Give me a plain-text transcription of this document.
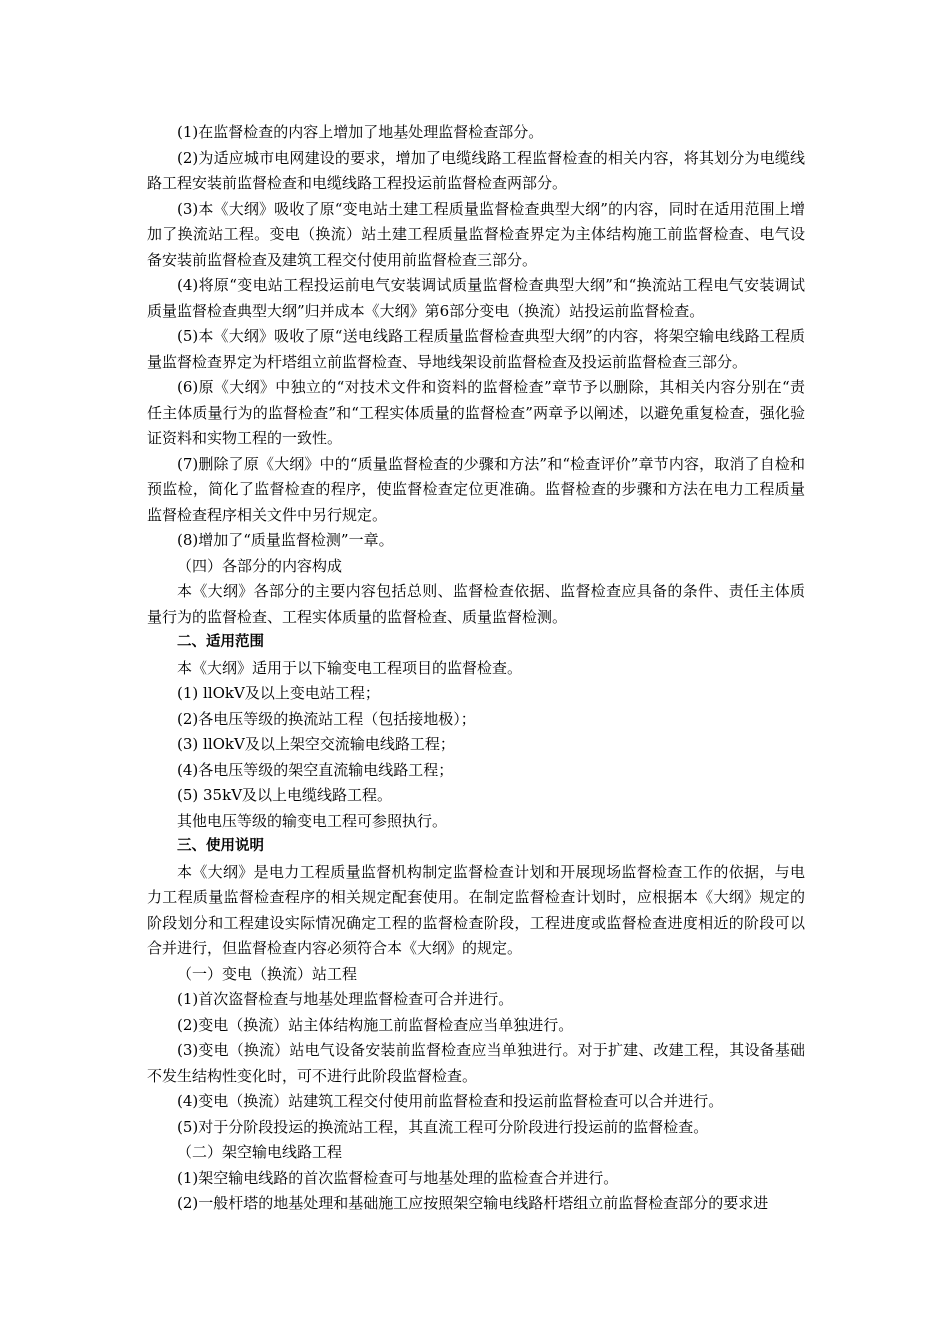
(1)在监督检查的内容上增加了地基处理监督检查部分。

(2)为适应城市电网建设的要求，增加了电缆线路工程监督检查的相关内容，将其划分为电缆线路工程安装前监督检查和电缆线路工程投运前监督检查两部分。

(3)本《大纲》吸收了原“变电站土建工程质量监督检查典型大纲”的内容，同时在适用范围上增加了换流站工程。变电（换流）站土建工程质量监督检查界定为主体结构施工前监督检查、电气设备安装前监督检查及建筑工程交付使用前监督检查三部分。

(4)将原“变电站工程投运前电气安装调试质量监督检查典型大纲”和“换流站工程电气安装调试质量监督检查典型大纲”归并成本《大纲》第6部分变电（换流）站投运前监督检查。

(5)本《大纲》吸收了原“送电线路工程质量监督检查典型大纲”的内容，将架空输电线路工程质量监督检查界定为杆塔组立前监督检查、导地线架设前监督检查及投运前监督检查三部分。

(6)原《大纲》中独立的“对技术文件和资料的监督检查”章节予以删除，其相关内容分别在“责任主体质量行为的监督检查”和“工程实体质量的监督检查”两章予以阐述，以避免重复检查，强化验证资料和实物工程的一致性。

(7)删除了原《大纲》中的“质量监督检查的少骤和方法”和“检查评价”章节内容，取消了自检和预监检，简化了监督检查的程序，使监督检查定位更准确。监督检查的步骤和方法在电力工程质量监督检查程序相关文件中另行规定。

(8)增加了“质量监督检测”一章。

（四）各部分的内容构成

本《大纲》各部分的主要内容包括总则、监督检查依据、监督检查应具备的条件、责任主体质量行为的监督检查、工程实体质量的监督检查、质量监督检测。

二、适用范围

本《大纲》适用于以下输变电工程项目的监督检查。

(1) llOkV及以上变电站工程；

(2)各电压等级的换流站工程（包括接地极）；

(3) llOkV及以上架空交流输电线路工程；

(4)各电压等级的架空直流输电线路工程；

(5) 35kV及以上电缆线路工程。

其他电压等级的输变电工程可参照执行。

三、使用说明

本《大纲》是电力工程质量监督机构制定监督检查计划和开展现场监督检查工作的依据，与电力工程质量监督检查程序的相关规定配套使用。在制定监督检查计划时，应根据本《大纲》规定的阶段划分和工程建设实际情况确定工程的监督检查阶段，工程进度或监督检查进度相近的阶段可以合并进行，但监督检查内容必须符合本《大纲》的规定。

（一）变电（换流）站工程

(1)首次盗督检查与地基处理监督检查可合并进行。

(2)变电（换流）站主体结构施工前监督检查应当单独进行。

(3)变电（换流）站电气设备安装前监督检查应当单独进行。对于扩建、改建工程，其设备基础不发生结构性变化时，可不进行此阶段监督检查。

(4)变电（换流）站建筑工程交付使用前监督检查和投运前监督检查可以合并进行。

(5)对于分阶段投运的换流站工程，其直流工程可分阶段进行投运前的监督检查。

（二）架空输电线路工程

(1)架空输电线路的首次监督检查可与地基处理的监检查合并进行。

(2)一般杆塔的地基处理和基础施工应按照架空输电线路杆塔组立前监督检查部分的要求进
